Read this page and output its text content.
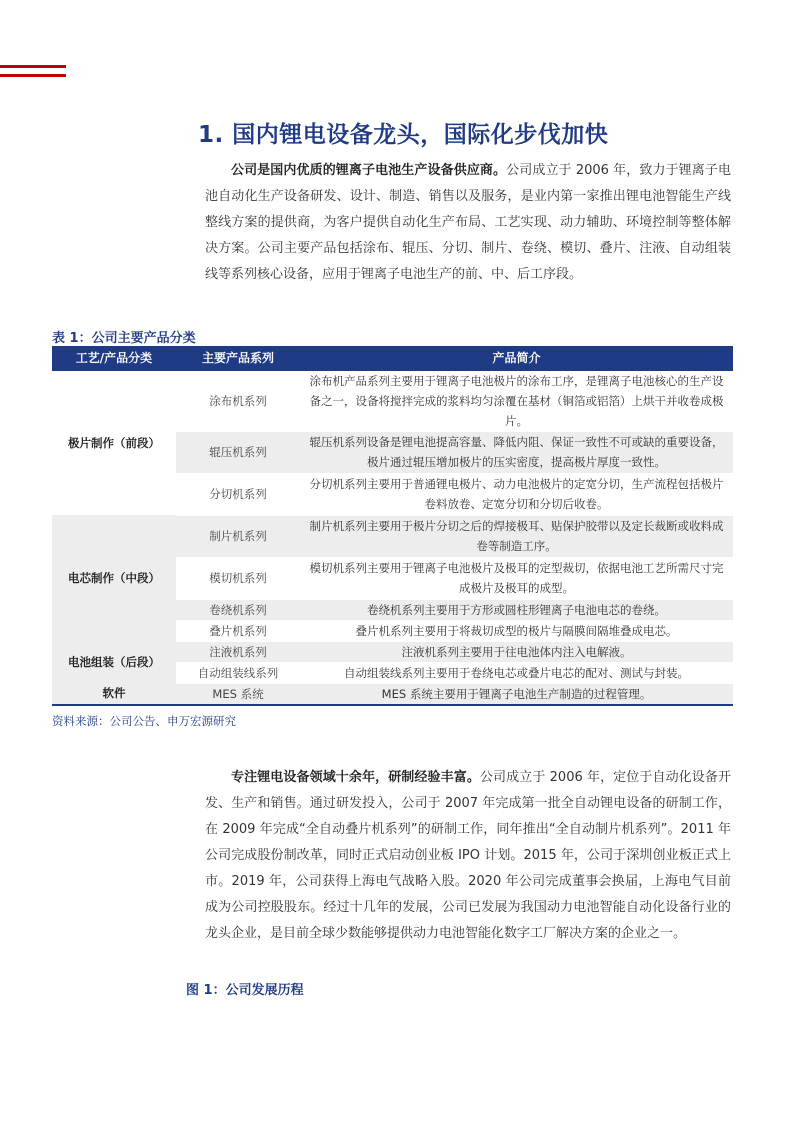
1. 国内锂电设备龙头，国际化步伐加快

公司是国内优质的锂离子电池生产设备供应商。公司成立于 2006 年，致力于锂离子电池自动化生产设备研发、设计、制造、销售以及服务，是业内第一家推出锂电池智能生产线整线方案的提供商，为客户提供自动化生产布局、工艺实现、动力辅助、环境控制等整体解决方案。公司主要产品包括涂布、辊压、分切、制片、卷绕、模切、叠片、注液、自动组装线等系列核心设备，应用于锂离子电池生产的前、中、后工序段。

表 1：公司主要产品分类
工艺/产品分类	主要产品系列	产品简介
极片制作（前段）	涂布机系列	涂布机产品系列主要用于锂离子电池极片的涂布工序，是锂离子电池核心的生产设备之一，设备将搅拌完成的浆料均匀涂覆在基材（铜箔或铝箔）上烘干并收卷成极片。
	辊压机系列	辊压机系列设备是锂电池提高容量、降低内阻、保证一致性不可或缺的重要设备，极片通过辊压增加极片的压实密度，提高极片厚度一致性。
	分切机系列	分切机系列主要用于普通锂电极片、动力电池极片的定宽分切，生产流程包括极片卷料放卷、定宽分切和分切后收卷。
电芯制作（中段）	制片机系列	制片机系列主要用于极片分切之后的焊接极耳、贴保护胶带以及定长裁断或收料成卷等制造工序。
	模切机系列	模切机系列主要用于锂离子电池极片及极耳的定型裁切，依据电池工艺所需尺寸完成极片及极耳的成型。
	卷绕机系列	卷绕机系列主要用于方形或圆柱形锂离子电池电芯的卷绕。
	叠片机系列	叠片机系列主要用于将裁切成型的极片与隔膜间隔堆叠成电芯。
电池组装（后段）	注液机系列	注液机系列主要用于往电池体内注入电解液。
	自动组装线系列	自动组装线系列主要用于卷绕电芯或叠片电芯的配对、测试与封装。
软件	MES 系统	MES 系统主要用于锂离子电池生产制造的过程管理。
资料来源：公司公告、申万宏源研究

专注锂电设备领域十余年，研制经验丰富。公司成立于 2006 年，定位于自动化设备开发、生产和销售。通过研发投入，公司于 2007 年完成第一批全自动锂电设备的研制工作，在 2009 年完成“全自动叠片机系列”的研制工作，同年推出“全自动制片机系列”。2011 年公司完成股份制改革，同时正式启动创业板 IPO 计划。2015 年，公司于深圳创业板正式上市。2019 年，公司获得上海电气战略入股。2020 年公司完成董事会换届，上海电气目前成为公司控股股东。经过十几年的发展，公司已发展为我国动力电池智能自动化设备行业的龙头企业，是目前全球少数能够提供动力电池智能化数字工厂解决方案的企业之一。

图 1：公司发展历程
